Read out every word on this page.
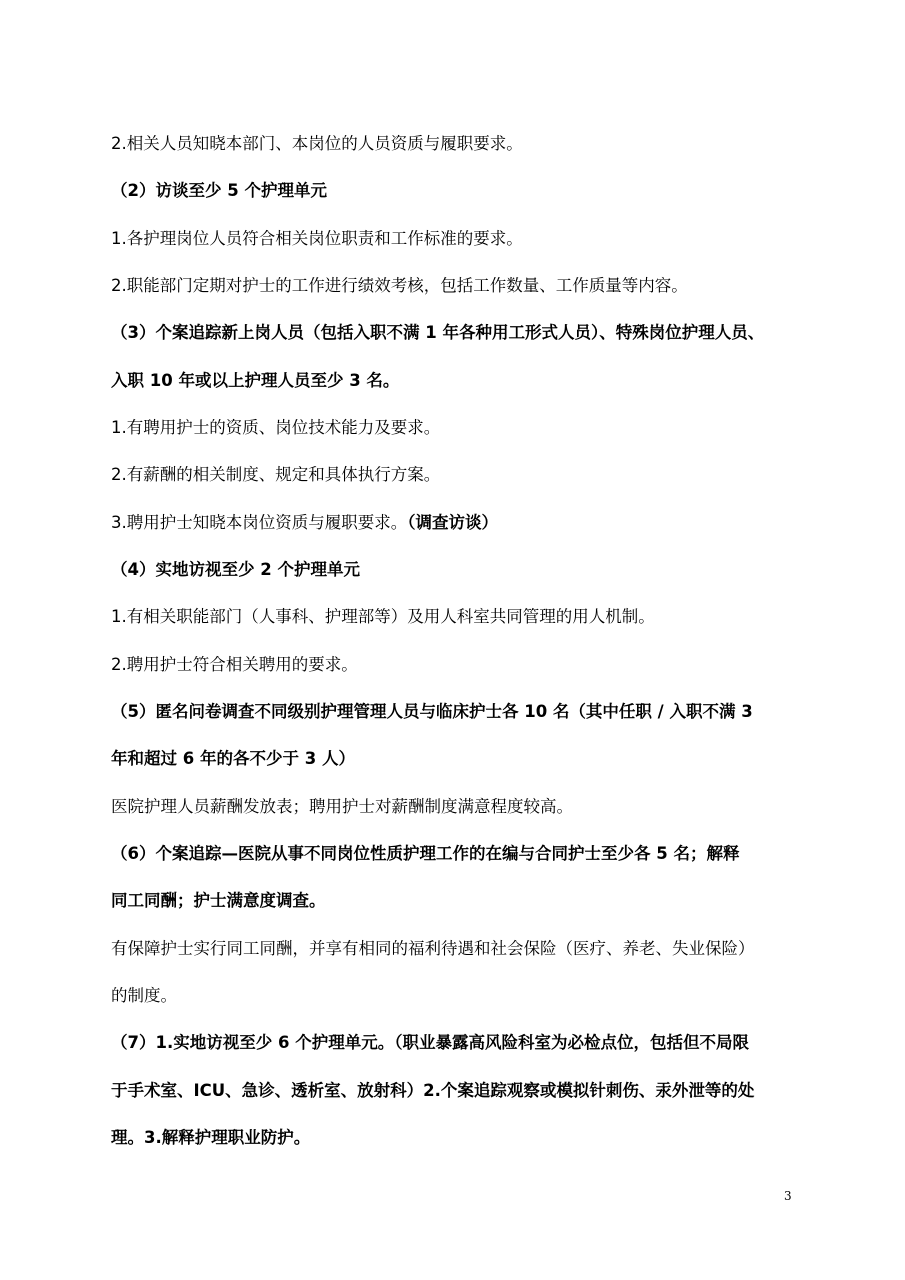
2.相关人员知晓本部门、本岗位的人员资质与履职要求。
（2）访谈至少 5 个护理单元
1.各护理岗位人员符合相关岗位职责和工作标准的要求。
2.职能部门定期对护士的工作进行绩效考核，包括工作数量、工作质量等内容。
（3）个案追踪新上岗人员（包括入职不满 1 年各种用工形式人员）、特殊岗位护理人员、
入职 10 年或以上护理人员至少 3 名。
1.有聘用护士的资质、岗位技术能力及要求。
2.有薪酬的相关制度、规定和具体执行方案。
3.聘用护士知晓本岗位资质与履职要求。（调查访谈）
（4）实地访视至少 2 个护理单元
1.有相关职能部门（人事科、护理部等）及用人科室共同管理的用人机制。
2.聘用护士符合相关聘用的要求。
（5）匿名问卷调查不同级别护理管理人员与临床护士各 10 名（其中任职 / 入职不满 3
年和超过 6 年的各不少于 3 人）
医院护理人员薪酬发放表；聘用护士对薪酬制度满意程度较高。
（6）个案追踪—医院从事不同岗位性质护理工作的在编与合同护士至少各 5 名；解释
同工同酬；护士满意度调查。
有保障护士实行同工同酬，并享有相同的福利待遇和社会保险（医疗、养老、失业保险）
的制度。
（7）1.实地访视至少 6 个护理单元。（职业暴露高风险科室为必检点位，包括但不局限
于手术室、ICU、急诊、透析室、放射科）2.个案追踪观察或模拟针刺伤、汞外泄等的处
理。3.解释护理职业防护。
3
